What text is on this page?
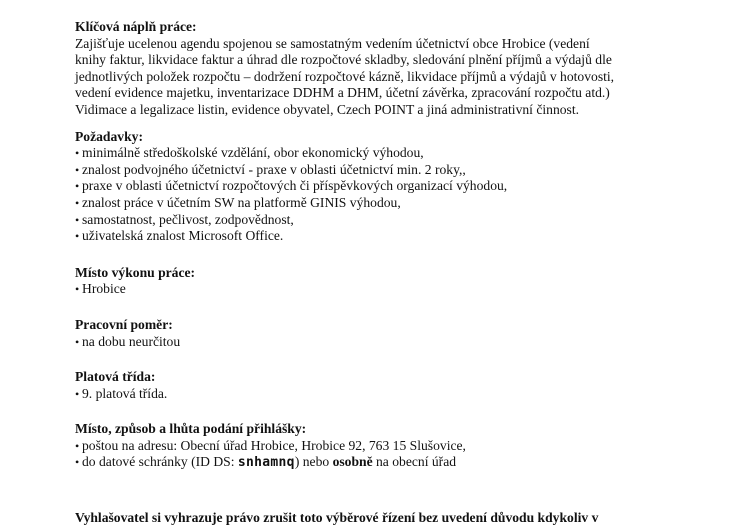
Klíčová náplň práce:
Zajišťuje ucelenou agendu spojenou se samostatným vedením účetnictví obce Hrobice (vedení
knihy faktur, likvidace faktur a úhrad dle rozpočtové skladby, sledování plnění příjmů a výdajů dle
jednotlivých položek rozpočtu – dodržení rozpočtové kázně, likvidace příjmů a výdajů v hotovosti,
vedení evidence majetku, inventarizace DDHM a DHM, účetní závěrka, zpracování rozpočtu atd.)
Vidimace a legalizace listin, evidence obyvatel, Czech POINT a jiná administrativní činnost.
Požadavky:
• minimálně středoškolské vzdělání, obor ekonomický výhodou,
• znalost podvojného účetnictví - praxe v oblasti účetnictví min. 2 roky,,
• praxe v oblasti účetnictví rozpočtových či příspěvkových organizací výhodou,
• znalost práce v účetním SW na platformě GINIS výhodou,
• samostatnost, pečlivost, zodpovědnost,
• uživatelská znalost Microsoft Office.
Místo výkonu práce:
• Hrobice
Pracovní poměr:
• na dobu neurčitou
Platová třída:
• 9. platová třída.
Místo, způsob a lhůta podání přihlášky:
• poštou na adresu: Obecní úřad Hrobice, Hrobice 92, 763 15 Slušovice,
• do datové schránky (ID DS: snhamnq) nebo osobně na obecní úřad
Vyhlašovatel si vyhrazuje právo zrušit toto výběrové řízení bez uvedení důvodu kdykoliv v
